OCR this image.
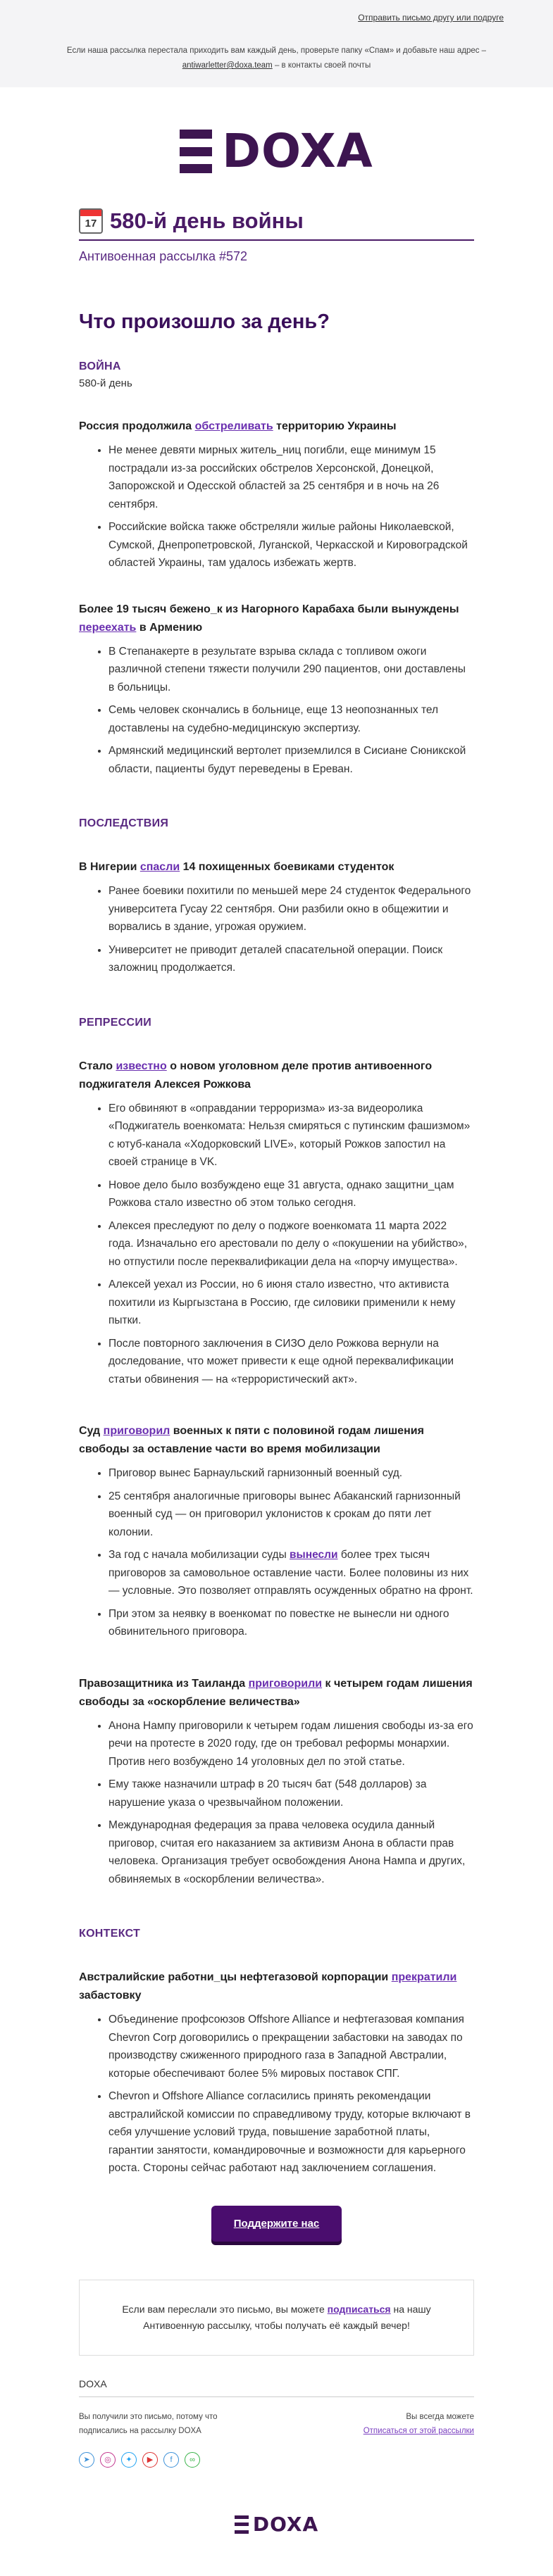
Отправить письмо другу или подруге
Если наша рассылка перестала приходить вам каждый день, проверьте папку «Спам» и добавьте наш адрес – antiwarletter@doxa.team – в контакты своей почты
DOXA
17 580-й день войны
Антивоенная рассылка #572
Что произошло за день?
ВОЙНА
580-й день
Россия продолжила обстреливать территорию Украины
• Не менее девяти мирных житель_ниц погибли, еще минимум 15 пострадали из-за российских обстрелов Херсонской, Донецкой, Запорожской и Одесской областей за 25 сентября и в ночь на 26 сентября.
• Российские войска также обстреляли жилые районы Николаевской, Сумской, Днепропетровской, Луганской, Черкасской и Кировоградской областей Украины, там удалось избежать жертв.
Более 19 тысяч бежено_к из Нагорного Карабаха были вынуждены переехать в Армению
• В Степанакерте в результате взрыва склада с топливом ожоги различной степени тяжести получили 290 пациентов, они доставлены в больницы.
• Семь человек скончались в больнице, еще 13 неопознанных тел доставлены на судебно-медицинскую экспертизу.
• Армянский медицинский вертолет приземлился в Сисиане Сюникской области, пациенты будут переведены в Ереван.
ПОСЛЕДСТВИЯ
В Нигерии спасли 14 похищенных боевиками студенток
• Ранее боевики похитили по меньшей мере 24 студенток Федерального университета Гусау 22 сентября. Они разбили окно в общежитии и ворвались в здание, угрожая оружием.
• Университет не приводит деталей спасательной операции. Поиск заложниц продолжается.
РЕПРЕССИИ
Стало известно о новом уголовном деле против антивоенного поджигателя Алексея Рожкова
• Его обвиняют в «оправдании терроризма» из-за видеоролика «Поджигатель военкомата: Нельзя смиряться с путинским фашизмом» с ютуб-канала «Ходорковский LIVE», который Рожков запостил на своей странице в VK.
• Новое дело было возбуждено еще 31 августа, однако защитни_цам Рожкова стало известно об этом только сегодня.
• Алексея преследуют по делу о поджоге военкомата 11 марта 2022 года. Изначально его арестовали по делу о «покушении на убийство», но отпустили после переквалификации дела на «порчу имущества».
• Алексей уехал из России, но 6 июня стало известно, что активиста похитили из Кыргызстана в Россию, где силовики применили к нему пытки.
• После повторного заключения в СИЗО дело Рожкова вернули на доследование, что может привести к еще одной переквалификации статьи обвинения — на «террористический акт».
Суд приговорил военных к пяти с половиной годам лишения свободы за оставление части во время мобилизации
• Приговор вынес Барнаульский гарнизонный военный суд.
• 25 сентября аналогичные приговоры вынес Абаканский гарнизонный военный суд — он приговорил уклонистов к срокам до пяти лет колонии.
• За год с начала мобилизации суды вынесли более трех тысяч приговоров за самовольное оставление части. Более половины из них — условные. Это позволяет отправлять осужденных обратно на фронт.
• При этом за неявку в военкомат по повестке не вынесли ни одного обвинительного приговора.
Правозащитника из Таиланда приговорили к четырем годам лишения свободы за «оскорбление величества»
• Анона Нампу приговорили к четырем годам лишения свободы из-за его речи на протесте в 2020 году, где он требовал реформы монархии. Против него возбуждено 14 уголовных дел по этой статье.
• Ему также назначили штраф в 20 тысяч бат (548 долларов) за нарушение указа о чрезвычайном положении.
• Международная федерация за права человека осудила данный приговор, считая его наказанием за активизм Анона в области прав человека. Организация требует освобождения Анона Нампа и других, обвиняемых в «оскорблении величества».
КОНТЕКСТ
Австралийские работни_цы нефтегазовой корпорации прекратили забастовку
• Объединение профсоюзов Offshore Alliance и нефтегазовая компания Chevron Corp договорились о прекращении забастовки на заводах по производству сжиженного природного газа в Западной Австралии, которые обеспечивают более 5% мировых поставок СПГ.
• Chevron и Offshore Alliance согласились принять рекомендации австралийской комиссии по справедливому труду, которые включают в себя улучшение условий труда, повышение заработной платы, гарантии занятости, командировочные и возможности для карьерного роста. Стороны сейчас работают над заключением соглашения.
Поддержите нас
Если вам переслали это письмо, вы можете подписаться на нашу Антивоенную рассылку, чтобы получать её каждый вечер!
DOXA
Вы получили это письмо, потому что подписались на рассылку DOXA
Вы всегда можете
Отписаться от этой рассылки
➤	◎	✦	▶	f	∞
DOXA
